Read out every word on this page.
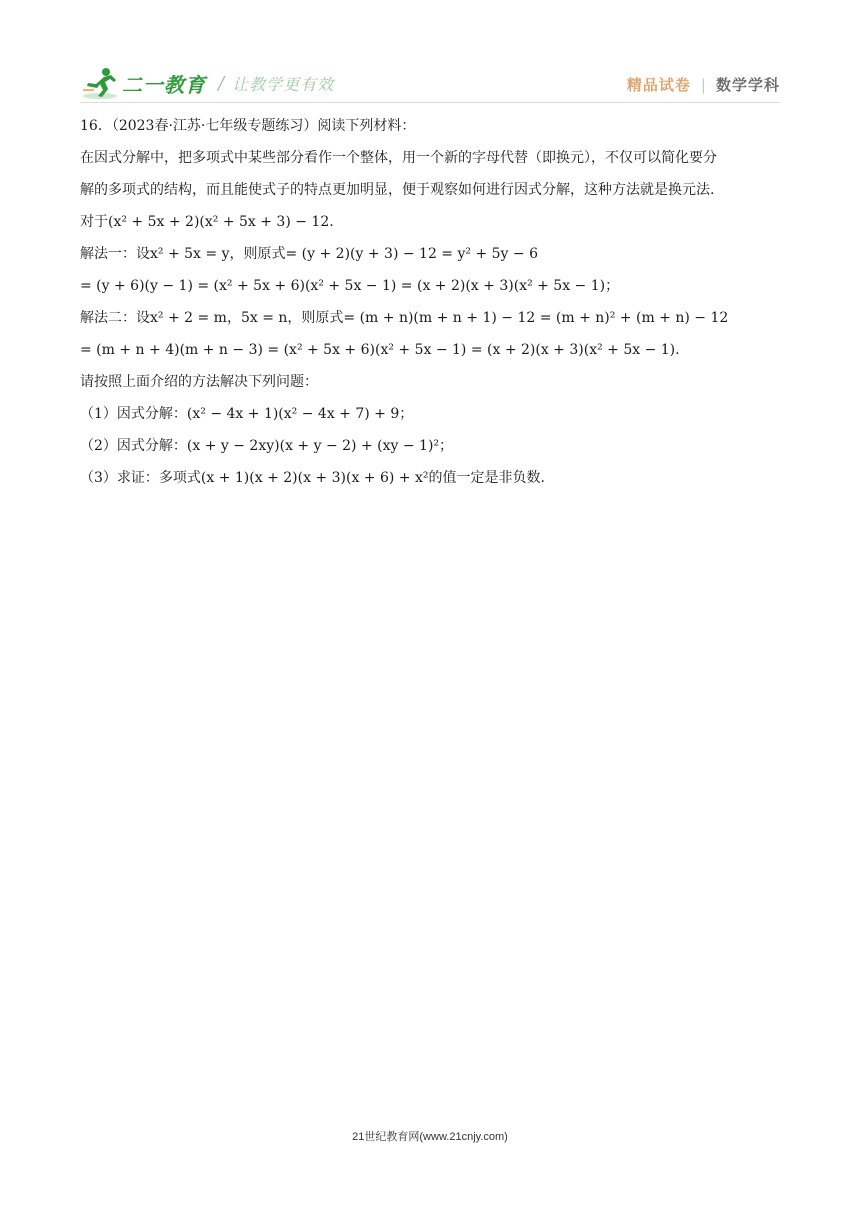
二一教育 / 让教学更有效	精品试卷 | 数学学科

16．（2023春·江苏·七年级专题练习）阅读下列材料：

在因式分解中，把多项式中某些部分看作一个整体，用一个新的字母代替（即换元），不仅可以简化要分

解的多项式的结构，而且能使式子的特点更加明显，便于观察如何进行因式分解，这种方法就是换元法.

对于(x² + 5x + 2)(x² + 5x + 3) − 12.

解法一：设x² + 5x = y，则原式= (y + 2)(y + 3) − 12 = y² + 5y − 6

= (y + 6)(y − 1) = (x² + 5x + 6)(x² + 5x − 1) = (x + 2)(x + 3)(x² + 5x − 1)；

解法二：设x² + 2 = m，5x = n，则原式= (m + n)(m + n + 1) − 12 = (m + n)² + (m + n) − 12

= (m + n + 4)(m + n − 3) = (x² + 5x + 6)(x² + 5x − 1) = (x + 2)(x + 3)(x² + 5x − 1).

请按照上面介绍的方法解决下列问题：

（1）因式分解：(x² − 4x + 1)(x² − 4x + 7) + 9；

（2）因式分解：(x + y − 2xy)(x + y − 2) + (xy − 1)²；

（3）求证：多项式(x + 1)(x + 2)(x + 3)(x + 6) + x²的值一定是非负数.

21世纪教育网(www.21cnjy.com)
